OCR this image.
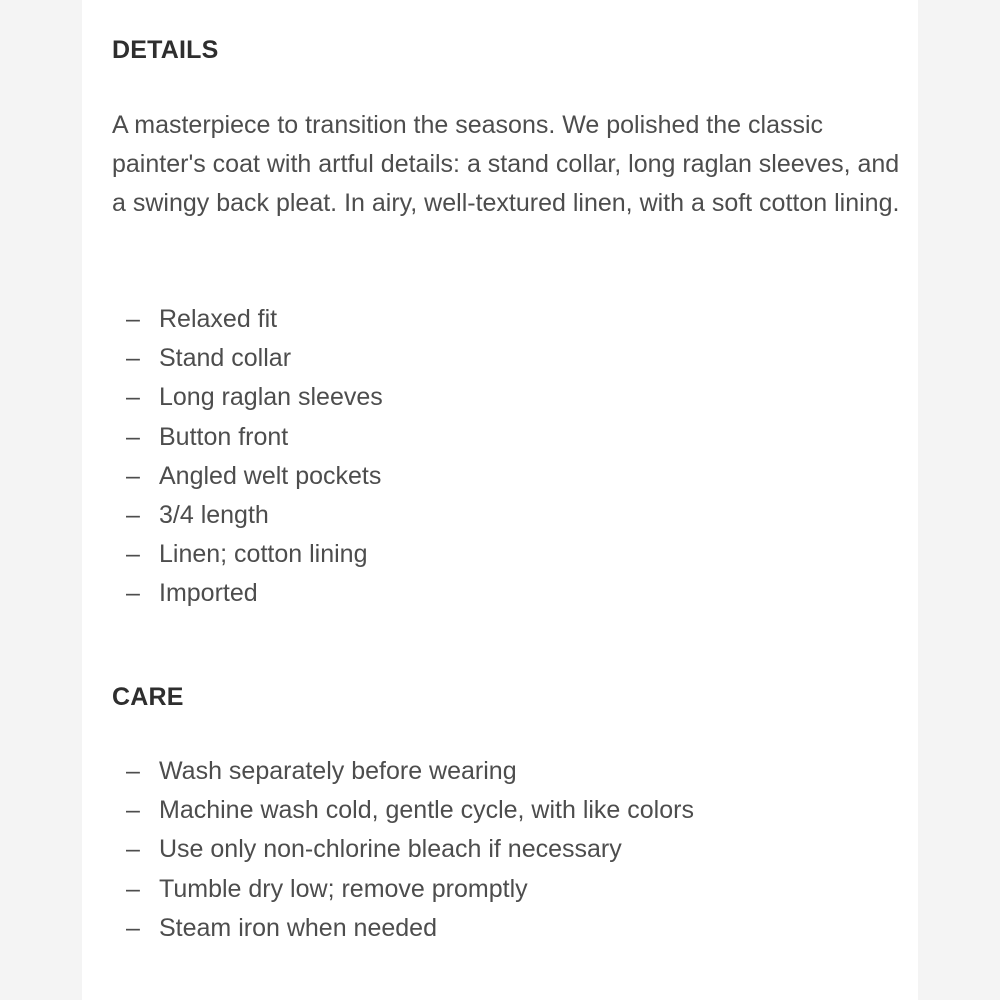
DETAILS
A masterpiece to transition the seasons. We polished the classic painter's coat with artful details: a stand collar, long raglan sleeves, and a swingy back pleat. In airy, well-textured linen, with a soft cotton lining.
– Relaxed fit
– Stand collar
– Long raglan sleeves
– Button front
– Angled welt pockets
– 3/4 length
– Linen; cotton lining
– Imported
CARE
– Wash separately before wearing
– Machine wash cold, gentle cycle, with like colors
– Use only non-chlorine bleach if necessary
– Tumble dry low; remove promptly
– Steam iron when needed
